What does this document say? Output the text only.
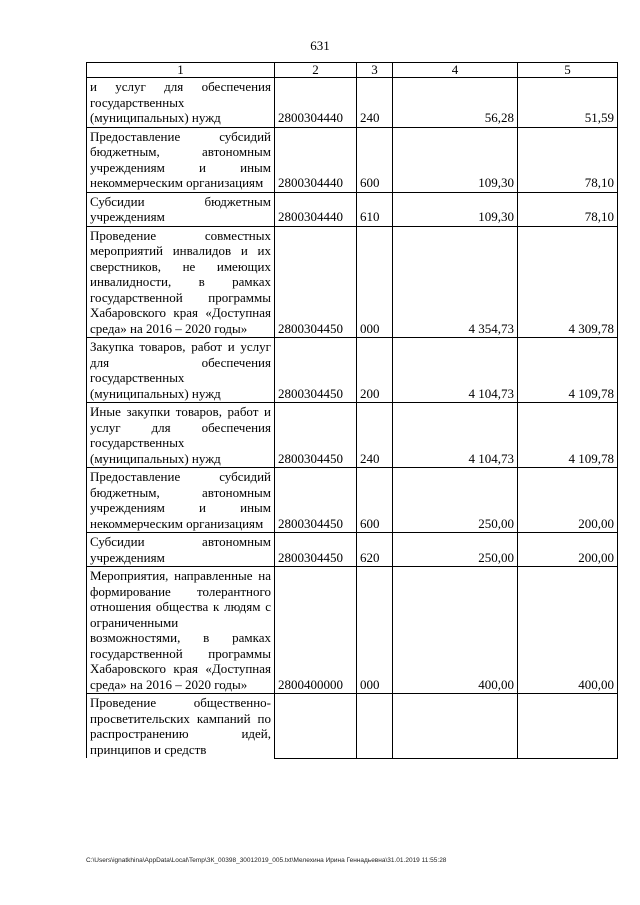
631
1	2	3	4	5

и услуг для обеспечения государственных (муниципальных) нужд	2800304440	240	56,28	51,59

Предоставление субсидий бюджетным, автономным учреждениям и иным некоммерческим организациям	2800304440	600	109,30	78,10

Субсидии бюджетным учреждениям	2800304440	610	109,30	78,10

Проведение совместных мероприятий инвалидов и их сверстников, не имеющих инвалидности, в рамках государственной программы Хабаровского края «Доступная среда» на 2016 – 2020 годы»	2800304450	000	4 354,73	4 309,78

Закупка товаров, работ и услуг для обеспечения государственных (муниципальных) нужд	2800304450	200	4 104,73	4 109,78

Иные закупки товаров, работ и услуг для обеспечения государственных (муниципальных) нужд	2800304450	240	4 104,73	4 109,78

Предоставление субсидий бюджетным, автономным учреждениям и иным некоммерческим организациям	2800304450	600	250,00	200,00

Субсидии автономным учреждениям	2800304450	620	250,00	200,00

Мероприятия, направленные на формирование толерантного отношения общества к людям с ограниченными возможностями, в рамках государственной программы Хабаровского края «Доступная среда» на 2016 – 2020 годы»	2800400000	000	400,00	400,00

Проведение общественно-просветительских кампаний по распространению идей, принципов и средств				

C:\Users\ignatkhina\AppData\Local\Temp\ЗК_00398_30012019_005.txt\Мелехина Ирина Геннадьевна\31.01.2019 11:55:28
